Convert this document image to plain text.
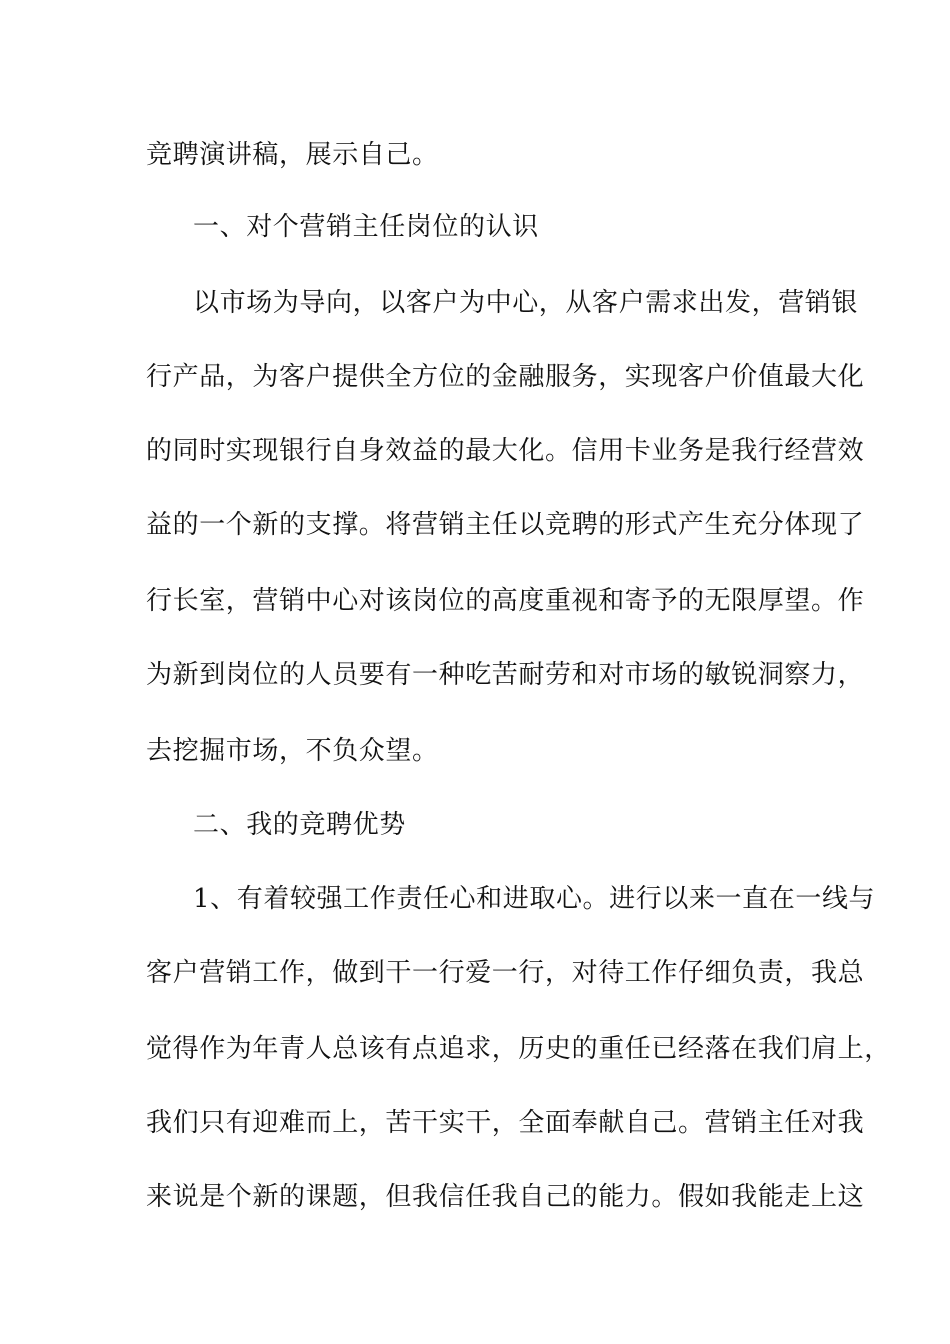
竞聘演讲稿，展示自己。
一、对个营销主任岗位的认识
以市场为导向，以客户为中心，从客户需求出发，营销银
行产品，为客户提供全方位的金融服务，实现客户价值最大化
的同时实现银行自身效益的最大化。信用卡业务是我行经营效
益的一个新的支撑。将营销主任以竞聘的形式产生充分体现了
行长室，营销中心对该岗位的高度重视和寄予的无限厚望。作
为新到岗位的人员要有一种吃苦耐劳和对市场的敏锐洞察力，
去挖掘市场，不负众望。
二、我的竞聘优势
1、有着较强工作责任心和进取心。进行以来一直在一线与
客户营销工作，做到干一行爱一行，对待工作仔细负责，我总
觉得作为年青人总该有点追求，历史的重任已经落在我们肩上，
我们只有迎难而上，苦干实干，全面奉献自己。营销主任对我
来说是个新的课题，但我信任我自己的能力。假如我能走上这
